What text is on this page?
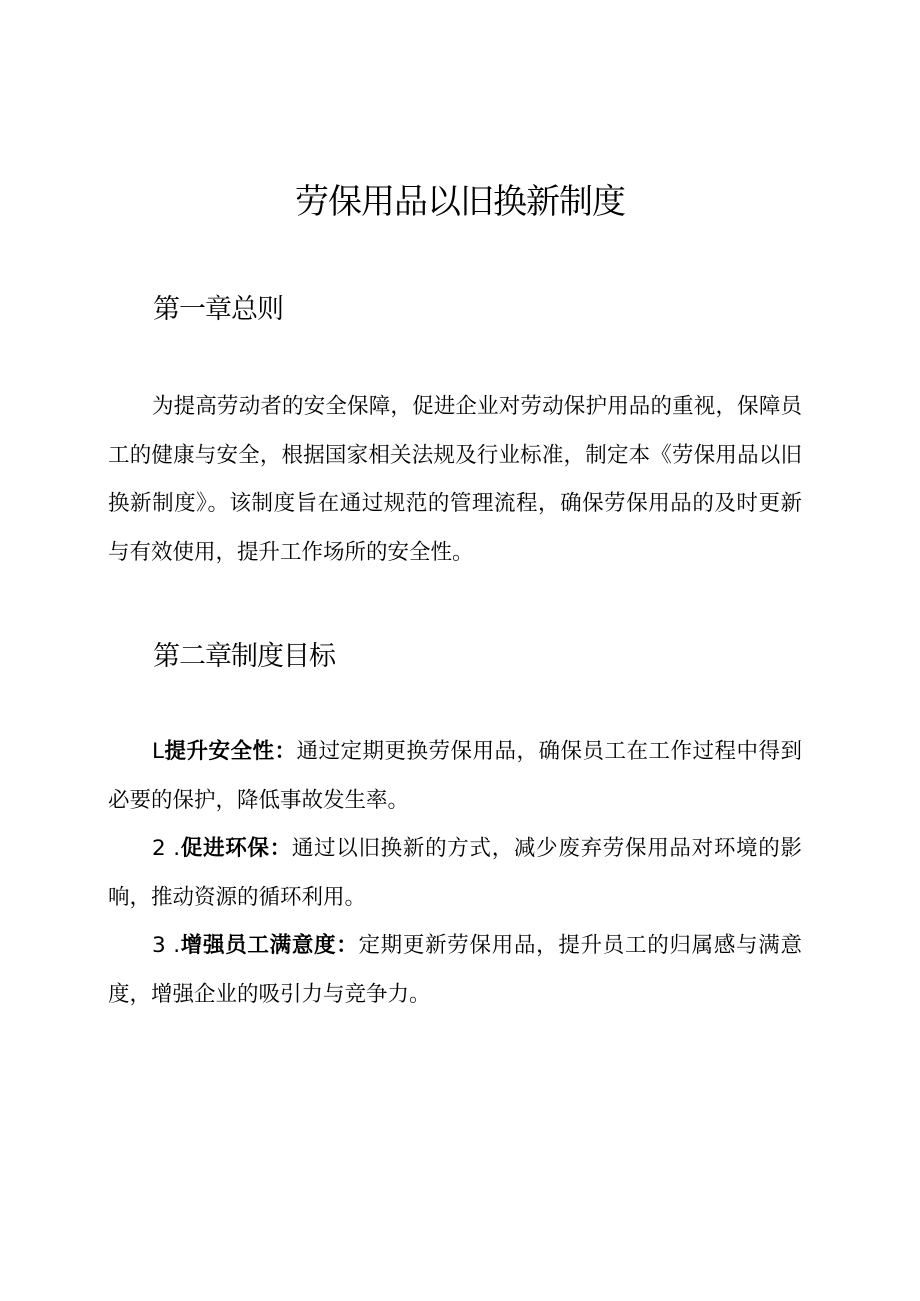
劳保用品以旧换新制度
第一章总则

为提高劳动者的安全保障，促进企业对劳动保护用品的重视，保障员工的健康与安全，根据国家相关法规及行业标准，制定本《劳保用品以旧换新制度》。该制度旨在通过规范的管理流程，确保劳保用品的及时更新与有效使用，提升工作场所的安全性。

第二章制度目标

L提升安全性：通过定期更换劳保用品，确保员工在工作过程中得到必要的保护，降低事故发生率。

2 .促进环保：通过以旧换新的方式，减少废弃劳保用品对环境的影响，推动资源的循环利用。

3 .增强员工满意度：定期更新劳保用品，提升员工的归属感与满意度，增强企业的吸引力与竞争力。
